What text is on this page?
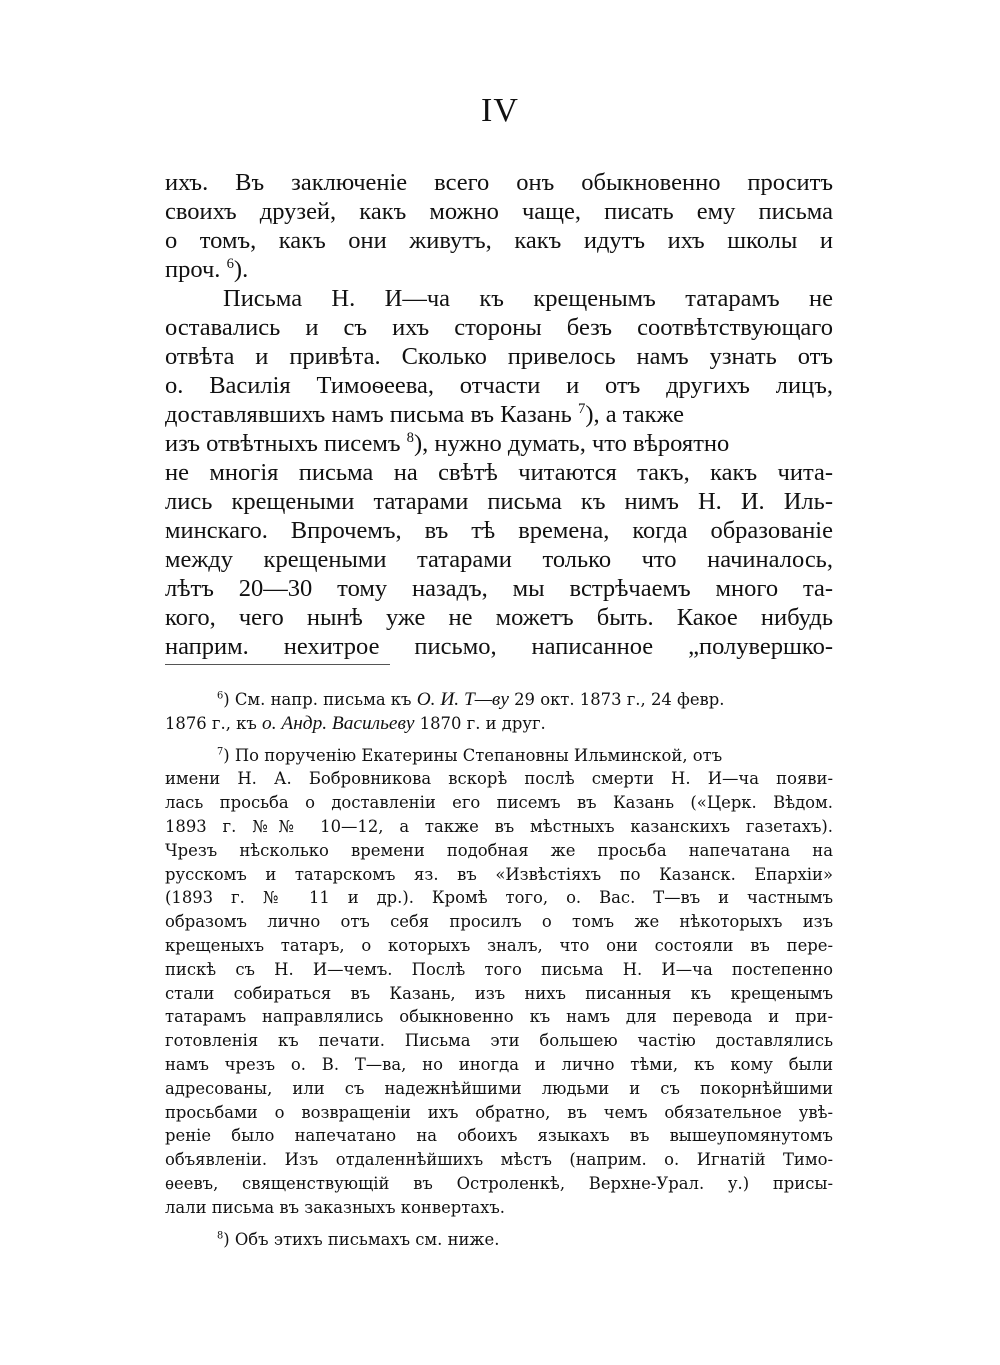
IV
ихъ. Въ заключенiе всего онъ обыкновенно проситъ
своихъ друзей, какъ можно чаще, писать ему письма
о томъ, какъ они живутъ, какъ идутъ ихъ школы и
проч. $^6$).
Письма Н. И—ча къ крещенымъ татарамъ не
оставались и съ ихъ стороны безъ соотвѣтствующаго
отвѣта и привѣта. Сколько привелось намъ узнать отъ
о. Василiя Тимоѳеева, отчасти и отъ другихъ лицъ,
доставлявшихъ намъ письма въ Казань $^7$), а также
изъ отвѣтныхъ писемъ $^8$), нужно думать, что вѣроятно
не многiя письма на свѣтѣ читаются такъ, какъ чита-
лись крещеными татарами письма къ нимъ Н. И. Иль-
минскаго. Впрочемъ, въ тѣ времена, когда образованiе
между крещеными татарами только что начиналось,
лѣтъ 20—30 тому назадъ, мы встрѣчаемъ много та-
кого, чего нынѣ уже не можетъ быть. Какое нибудь
наприм. нехитрое письмо, написанное „полувершко-
$^6$) См. напр. письма къ О. И. Т—ву 29 окт. 1873 г., 24 февр.
1876 г., къ о. Андр. Васильеву 1870 г. и друг.
$^7$) По порученiю Екатерины Степановны Ильминской, отъ
имени Н. А. Бобровникова вскорѣ послѣ смерти Н. И—ча появи-
лась просьба о доставленiи его писемъ въ Казань («Церк. Вѣдом.
1893 г. №№ 10—12, а также въ мѣстныхъ казанскихъ газетахъ).
Чрезъ нѣсколько времени подобная же просьба напечатана на
русскомъ и татарскомъ яз. въ «Извѣстiяхъ по Казанск. Епархiи»
(1893 г. № 11 и др.). Кромѣ того, о. Вас. Т—въ и частнымъ
образомъ лично отъ себя просилъ о томъ же нѣкоторыхъ изъ
крещеныхъ татаръ, о которыхъ зналъ, что они состояли въ пере-
пискѣ съ Н. И—чемъ. Послѣ того письма Н. И—ча постепенно
стали собираться въ Казань, изъ нихъ писанныя къ крещенымъ
татарамъ направлялись обыкновенно къ намъ для перевода и при-
готовленiя къ печати. Письма эти большею частiю доставлялись
намъ чрезъ о. В. Т—ва, но иногда и лично тѣми, къ кому были
адресованы, или съ надежнѣйшими людьми и съ покорнѣйшими
просьбами о возвращенiи ихъ обратно, въ чемъ обязательное увѣ-
ренiе было напечатано на обоихъ языкахъ въ вышеупомянутомъ
объявленiи. Изъ отдаленнѣйшихъ мѣстъ (наприм. о. Игнатiй Тимо-
ѳеевъ, священствующiй въ Остроленкѣ, Верхне-Урал. у.) присы-
лали письма въ заказныхъ конвертахъ.
$^8$) Объ этихъ письмахъ см. ниже.
